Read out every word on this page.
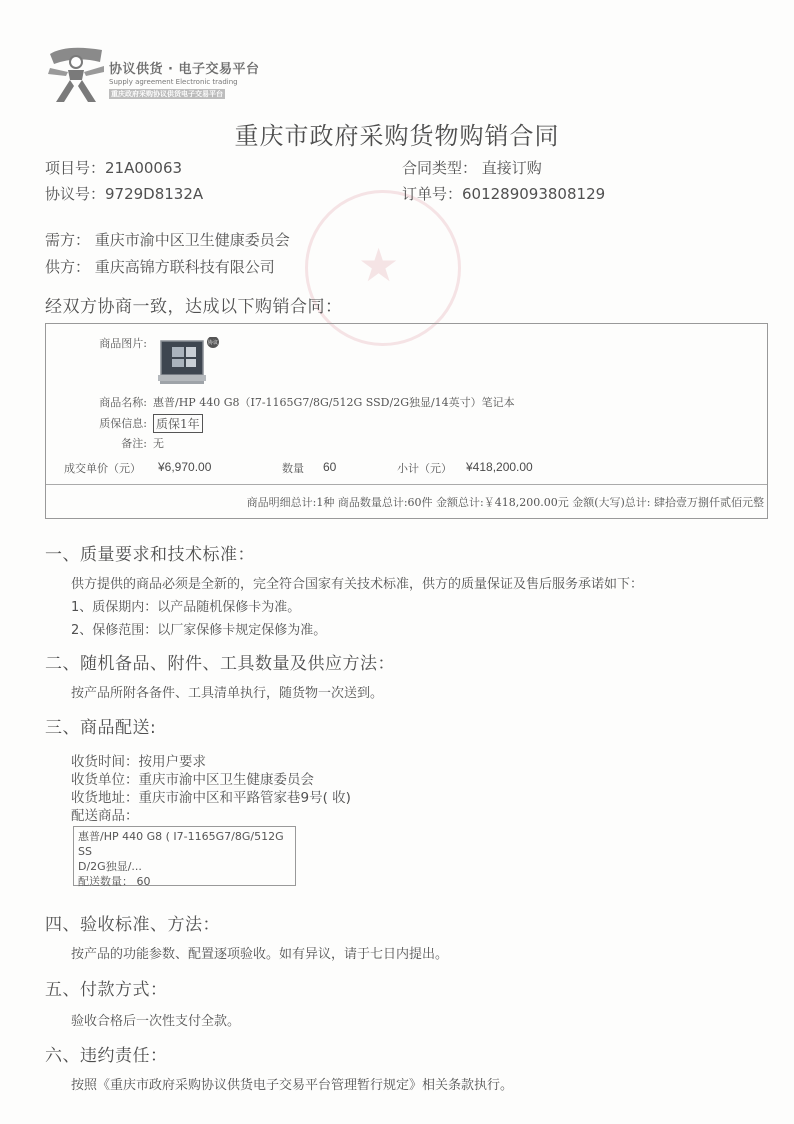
协议供货 · 电子交易平台
Supply agreement Electronic trading
重庆政府采购协议供货电子交易平台
★
重庆市政府采购货物购销合同
项目号：21A00063	合同类型： 直接订购
协议号：9729D8132A	订单号：601289093808129
需方： 重庆市渝中区卫生健康委员会
供方： 重庆高锦方联科技有限公司
经双方协商一致，达成以下购销合同：
商品图片:	协议
商品名称: 惠普/HP 440 G8（I7-1165G7/8G/512G SSD/2G独显/14英寸）笔记本
质保信息: 质保1年
备注: 无
成交单价（元） ¥6,970.00	数量 60	小计（元） ¥418,200.00
商品明细总计:1种 商品数量总计:60件 金额总计:￥418,200.00元 金额(大写)总计: 肆拾壹万捌仟贰佰元整
一、质量要求和技术标准：
供方提供的商品必须是全新的，完全符合国家有关技术标准，供方的质量保证及售后服务承诺如下：
1、质保期内：以产品随机保修卡为准。
2、保修范围：以厂家保修卡规定保修为准。
二、随机备品、附件、工具数量及供应方法：
按产品所附各备件、工具清单执行，随货物一次送到。
三、商品配送:
收货时间：按用户要求
收货单位：重庆市渝中区卫生健康委员会
收货地址：重庆市渝中区和平路管家巷9号( 收)
配送商品：
惠普/HP 440 G8 ( I7-1165G7/8G/512G SS
D/2G独显/...
配送数量： 60
四、验收标准、方法：
按产品的功能参数、配置逐项验收。如有异议，请于七日内提出。
五、付款方式：
验收合格后一次性支付全款。
六、违约责任：
按照《重庆市政府采购协议供货电子交易平台管理暂行规定》相关条款执行。
